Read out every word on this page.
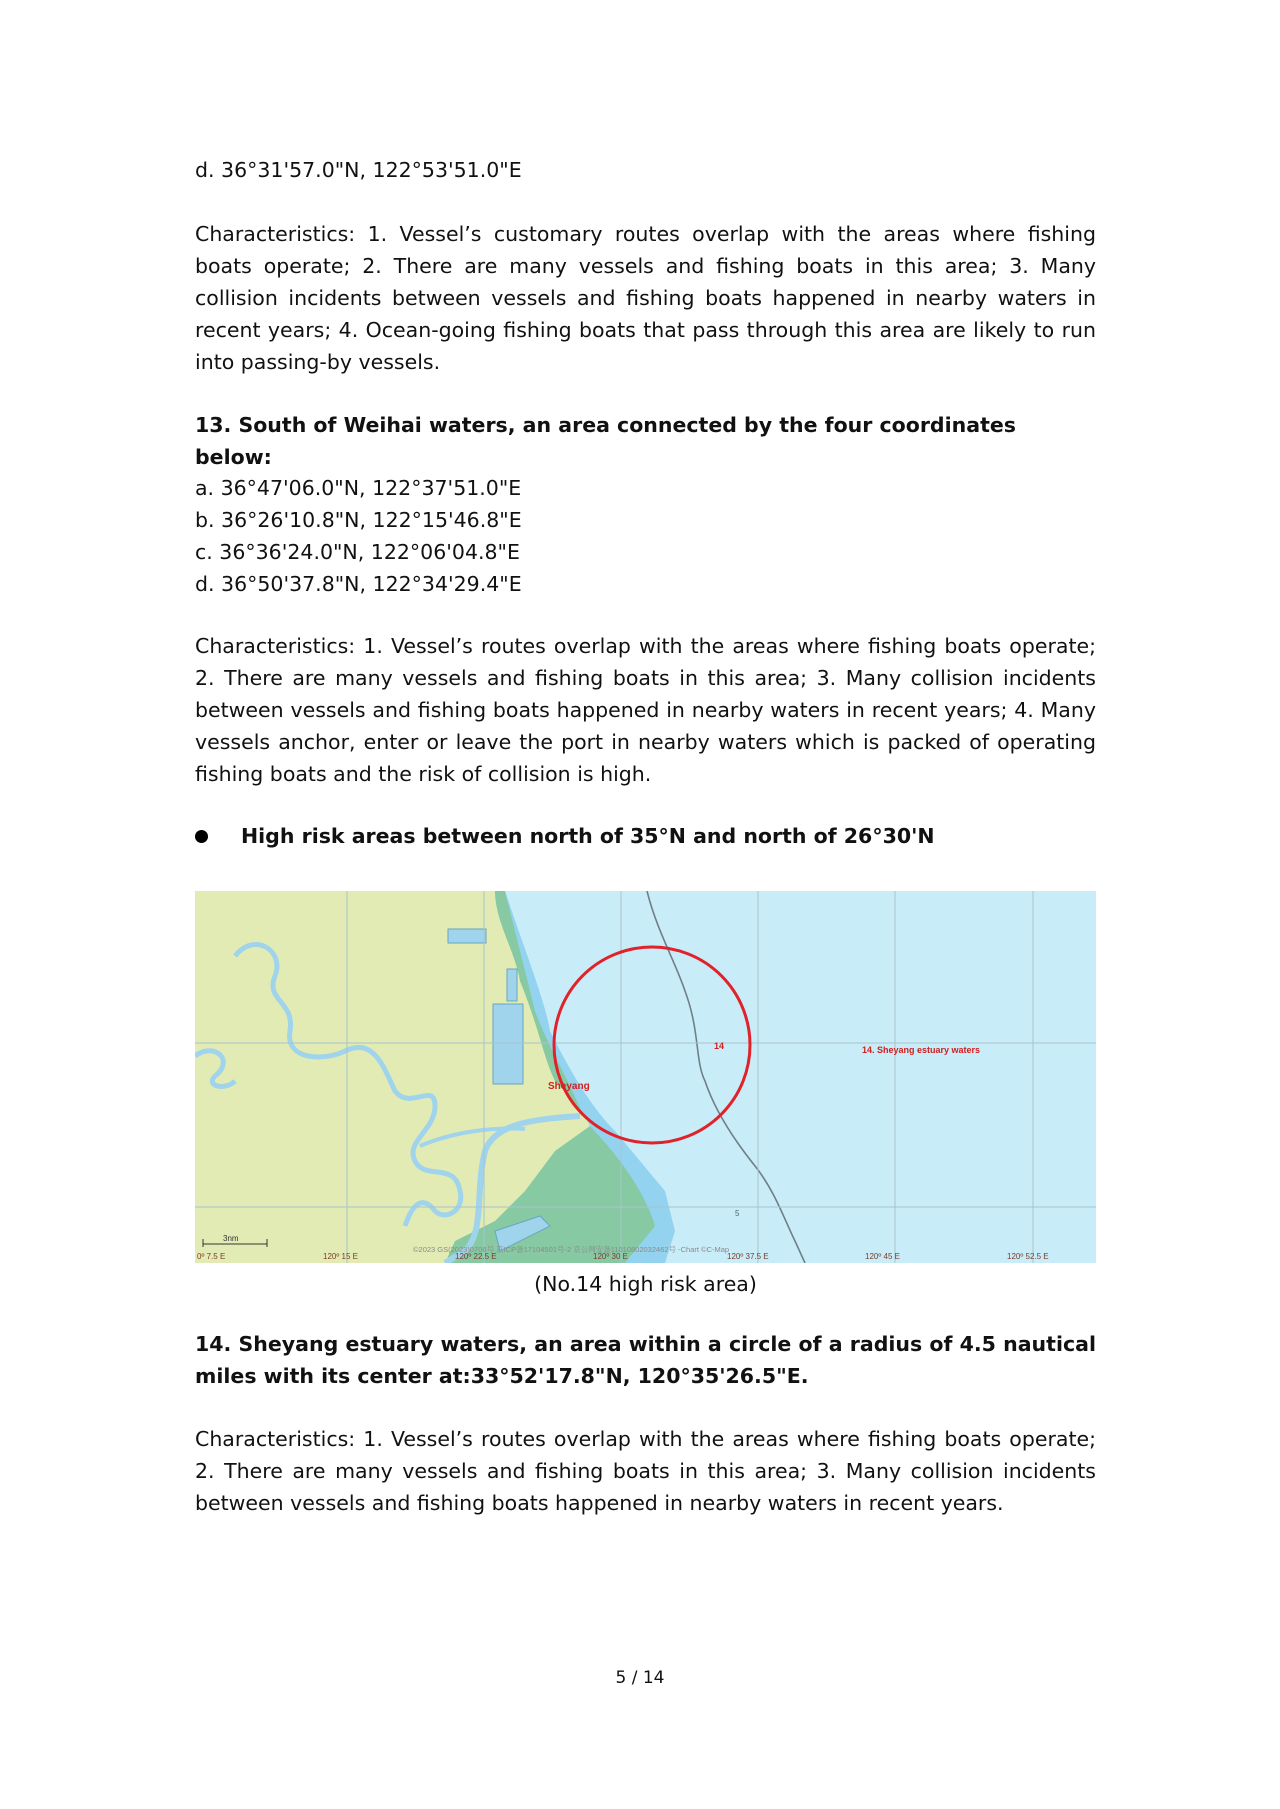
d. 36°31'57.0"N, 122°53'51.0"E
Characteristics: 1. Vessel’s customary routes overlap with the areas where fishing boats operate; 2. There are many vessels and fishing boats in this area; 3. Many collision incidents between vessels and fishing boats happened in nearby waters in recent years; 4. Ocean-going fishing boats that pass through this area are likely to run into passing-by vessels.
13. South of Weihai waters, an area connected by the four coordinates below:
a. 36°47'06.0"N, 122°37'51.0"E
b. 36°26'10.8"N, 122°15'46.8"E
c. 36°36'24.0"N, 122°06'04.8"E
d. 36°50'37.8"N, 122°34'29.4"E
Characteristics: 1. Vessel’s routes overlap with the areas where fishing boats operate; 2. There are many vessels and fishing boats in this area; 3. Many collision incidents between vessels and fishing boats happened in nearby waters in recent years; 4. Many vessels anchor, enter or leave the port in nearby waters which is packed of operating fishing boats and the risk of collision is high.
High risk areas between north of 35°N and north of 26°30'N
Sheyang
14	14. Sheyang estuary waters
5
3nm
0º 7.5 E	120º 15 E	120º 22.5 E	120º 30 E	120º 37.5 E	120º 45 E	120º 52.5 E
©2023 GS(2023)0706号 京ICP备17104501号-2 京公网安备11010802032462号 -Chart ©C-Map
(No.14 high risk area)
14. Sheyang estuary waters, an area within a circle of a radius of 4.5 nautical miles with its center at:33°52'17.8"N, 120°35'26.5"E.
Characteristics: 1. Vessel’s routes overlap with the areas where fishing boats operate; 2. There are many vessels and fishing boats in this area; 3. Many collision incidents between vessels and fishing boats happened in nearby waters in recent years.
5 / 14
